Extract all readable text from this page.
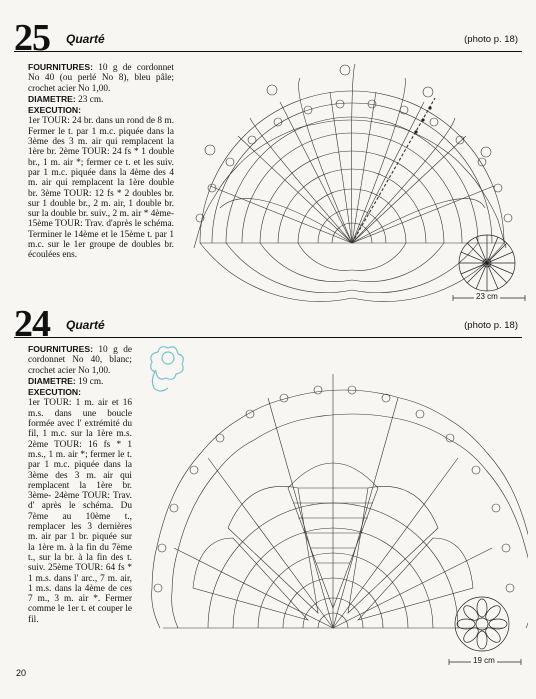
25 Quarté	(photo p. 18)

FOURNITURES: 10 g de cordonnet No 40 (ou perlé No 8), bleu pâle; crochet acier No 1,00.

DIAMETRE: 23 cm.

EXECUTION:
1er TOUR: 24 br. dans un rond de 8 m. Fermer le t. par 1 m.c. piquée dans la 3ème des 3 m. air qui remplacent la 1ère br. 2ème TOUR: 24 fs * 1 double br., 1 m. air *; fermer ce t. et les suiv. par 1 m.c. piquée dans la 4ème des 4 m. air qui remplacent la 1ère double br. 3ème TOUR: 12 fs * 2 doubles br. sur 1 double br., 2 m. air, 1 double br. sur la double br. suiv., 2 m. air * 4ème- 15ème TOUR: Trav. d'après le schéma. Terminer le 14ème et le 15ème t. par 1 m.c. sur le 1er groupe de doubles br. écoulées ens.

23 cm
24 Quarté	(photo p. 18)

FOURNITURES: 10 g de cordonnet No 40, blanc; crochet acier No 1,00.

DIAMETRE: 19 cm.

EXECUTION:
1er TOUR: 1 m. air et 16 m.s. dans une boucle formée avec l' extrémité du fil, 1 m.c. sur la 1ère m.s. 2ème TOUR: 16 fs * 1 m.s., 1 m. air *; fermer le t. par 1 m.c. piquée dans la 3ème des 3 m. air qui remplacent la 1ère br. 3ème- 24ème TOUR: Trav. d' après le schéma. Du 7ème au 10ème t., remplacer les 3 dernières m. air par 1 br. piquée sur la 1ère m. à la fin du 7ème t., sur la br. à la fin des t. suiv. 25ème TOUR: 64 fs * 1 m.s. dans l' arc., 7 m. air, 1 m.s. dans la 4ème de ces 7 m., 3 m. air *. Fermer comme le 1er t. et couper le fil.

19 cm
20
